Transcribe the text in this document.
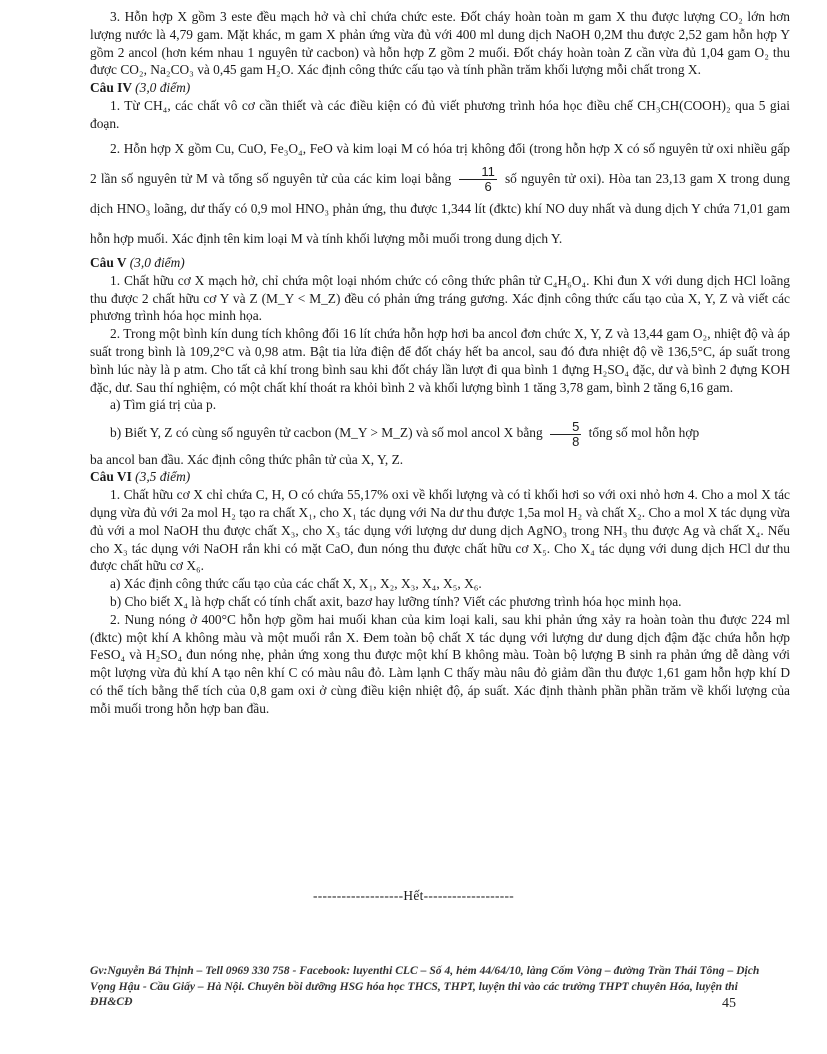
3. Hỗn hợp X gồm 3 este đều mạch hở và chỉ chứa chức este. Đốt cháy hoàn toàn m gam X thu được lượng CO₂ lớn hơn lượng nước là 4,79 gam. Mặt khác, m gam X phản ứng vừa đủ với 400 ml dung dịch NaOH 0,2M thu được 2,52 gam hỗn hợp Y gồm 2 ancol (hơn kém nhau 1 nguyên tử cacbon) và hỗn hợp Z gồm 2 muối. Đốt cháy hoàn toàn Z cần vừa đủ 1,04 gam O₂ thu được CO₂, Na₂CO₃ và 0,45 gam H₂O. Xác định công thức cấu tạo và tính phần trăm khối lượng mỗi chất trong X.

Câu IV (3,0 điểm)

1. Từ CH₄, các chất vô cơ cần thiết và các điều kiện có đủ viết phương trình hóa học điều chế CH₃CH(COOH)₂ qua 5 giai đoạn.

2. Hỗn hợp X gồm Cu, CuO, Fe₃O₄, FeO và kim loại M có hóa trị không đổi (trong hỗn hợp X có số nguyên tử oxi nhiều gấp 2 lần số nguyên tử M và tổng số nguyên tử của các kim loại bằng $\frac{11}{6}$ số nguyên tử oxi). Hòa tan 23,13 gam X trong dung dịch HNO₃ loãng, dư thấy có 0,9 mol HNO₃ phản ứng, thu được 1,344 lít (đktc) khí NO duy nhất và dung dịch Y chứa 71,01 gam hỗn hợp muối. Xác định tên kim loại M và tính khối lượng mỗi muối trong dung dịch Y.

Câu V (3,0 điểm)

1. Chất hữu cơ X mạch hở, chỉ chứa một loại nhóm chức có công thức phân tử C₄H₆O₄. Khi đun X với dung dịch HCl loãng thu được 2 chất hữu cơ Y và Z (M_Y < M_Z) đều có phản ứng tráng gương. Xác định công thức cấu tạo của X, Y, Z và viết các phương trình hóa học minh họa.

2. Trong một bình kín dung tích không đổi 16 lít chứa hỗn hợp hơi ba ancol đơn chức X, Y, Z và 13,44 gam O₂, nhiệt độ và áp suất trong bình là 109,2°C và 0,98 atm. Bật tia lửa điện để đốt cháy hết ba ancol, sau đó đưa nhiệt độ về 136,5°C, áp suất trong bình lúc này là p atm. Cho tất cả khí trong bình sau khi đốt cháy lần lượt đi qua bình 1 đựng H₂SO₄ đặc, dư và bình 2 đựng KOH đặc, dư. Sau thí nghiệm, có một chất khí thoát ra khỏi bình 2 và khối lượng bình 1 tăng 3,78 gam, bình 2 tăng 6,16 gam.

a) Tìm giá trị của p.

b) Biết Y, Z có cùng số nguyên tử cacbon (M_Y > M_Z) và số mol ancol X bằng $\frac{5}{8}$ tổng số mol hỗn hợp

ba ancol ban đầu. Xác định công thức phân tử của X, Y, Z.

Câu VI (3,5 điểm)

1. Chất hữu cơ X chỉ chứa C, H, O có chứa 55,17% oxi về khối lượng và có tỉ khối hơi so với oxi nhỏ hơn 4. Cho a mol X tác dụng vừa đủ với 2a mol H₂ tạo ra chất X₁, cho X₁ tác dụng với Na dư thu được 1,5a mol H₂ và chất X₂. Cho a mol X tác dụng vừa đủ với a mol NaOH thu được chất X₃, cho X₃ tác dụng với lượng dư dung dịch AgNO₃ trong NH₃ thu được Ag và chất X₄. Nếu cho X₃ tác dụng với NaOH rắn khi có mặt CaO, đun nóng thu được chất hữu cơ X₅. Cho X₄ tác dụng với dung dịch HCl dư thu được chất hữu cơ X₆.

a) Xác định công thức cấu tạo của các chất X, X₁, X₂, X₃, X₄, X₅, X₆.

b) Cho biết X₄ là hợp chất có tính chất axit, bazơ hay lưỡng tính? Viết các phương trình hóa học minh họa.

2. Nung nóng ở 400°C hỗn hợp gồm hai muối khan của kim loại kali, sau khi phản ứng xảy ra hoàn toàn thu được 224 ml (đktc) một khí A không màu và một muối rắn X. Đem toàn bộ chất X tác dụng với lượng dư dung dịch đậm đặc chứa hỗn hợp FeSO₄ và H₂SO₄ đun nóng nhẹ, phản ứng xong thu được một khí B không màu. Toàn bộ lượng B sinh ra phản ứng dễ dàng với một lượng vừa đủ khí A tạo nên khí C có màu nâu đỏ. Làm lạnh C thấy màu nâu đỏ giảm dần thu được 1,61 gam hỗn hợp khí D có thể tích bằng thể tích của 0,8 gam oxi ở cùng điều kiện nhiệt độ, áp suất. Xác định thành phần phần trăm về khối lượng của mỗi muối trong hỗn hợp ban đầu.

-------------------Hết-------------------
Gv:Nguyễn Bá Thịnh – Tell 0969 330 758 - Facebook: luyenthi CLC – Số 4, hẻm 44/64/10, làng Cốm Vòng – đường Trần Thái Tông – Dịch Vọng Hậu - Cầu Giấy – Hà Nội. Chuyên bồi dưỡng HSG hóa học THCS, THPT, luyện thi vào các trường THPT chuyên Hóa, luyện thi ĐH&CĐ	45
